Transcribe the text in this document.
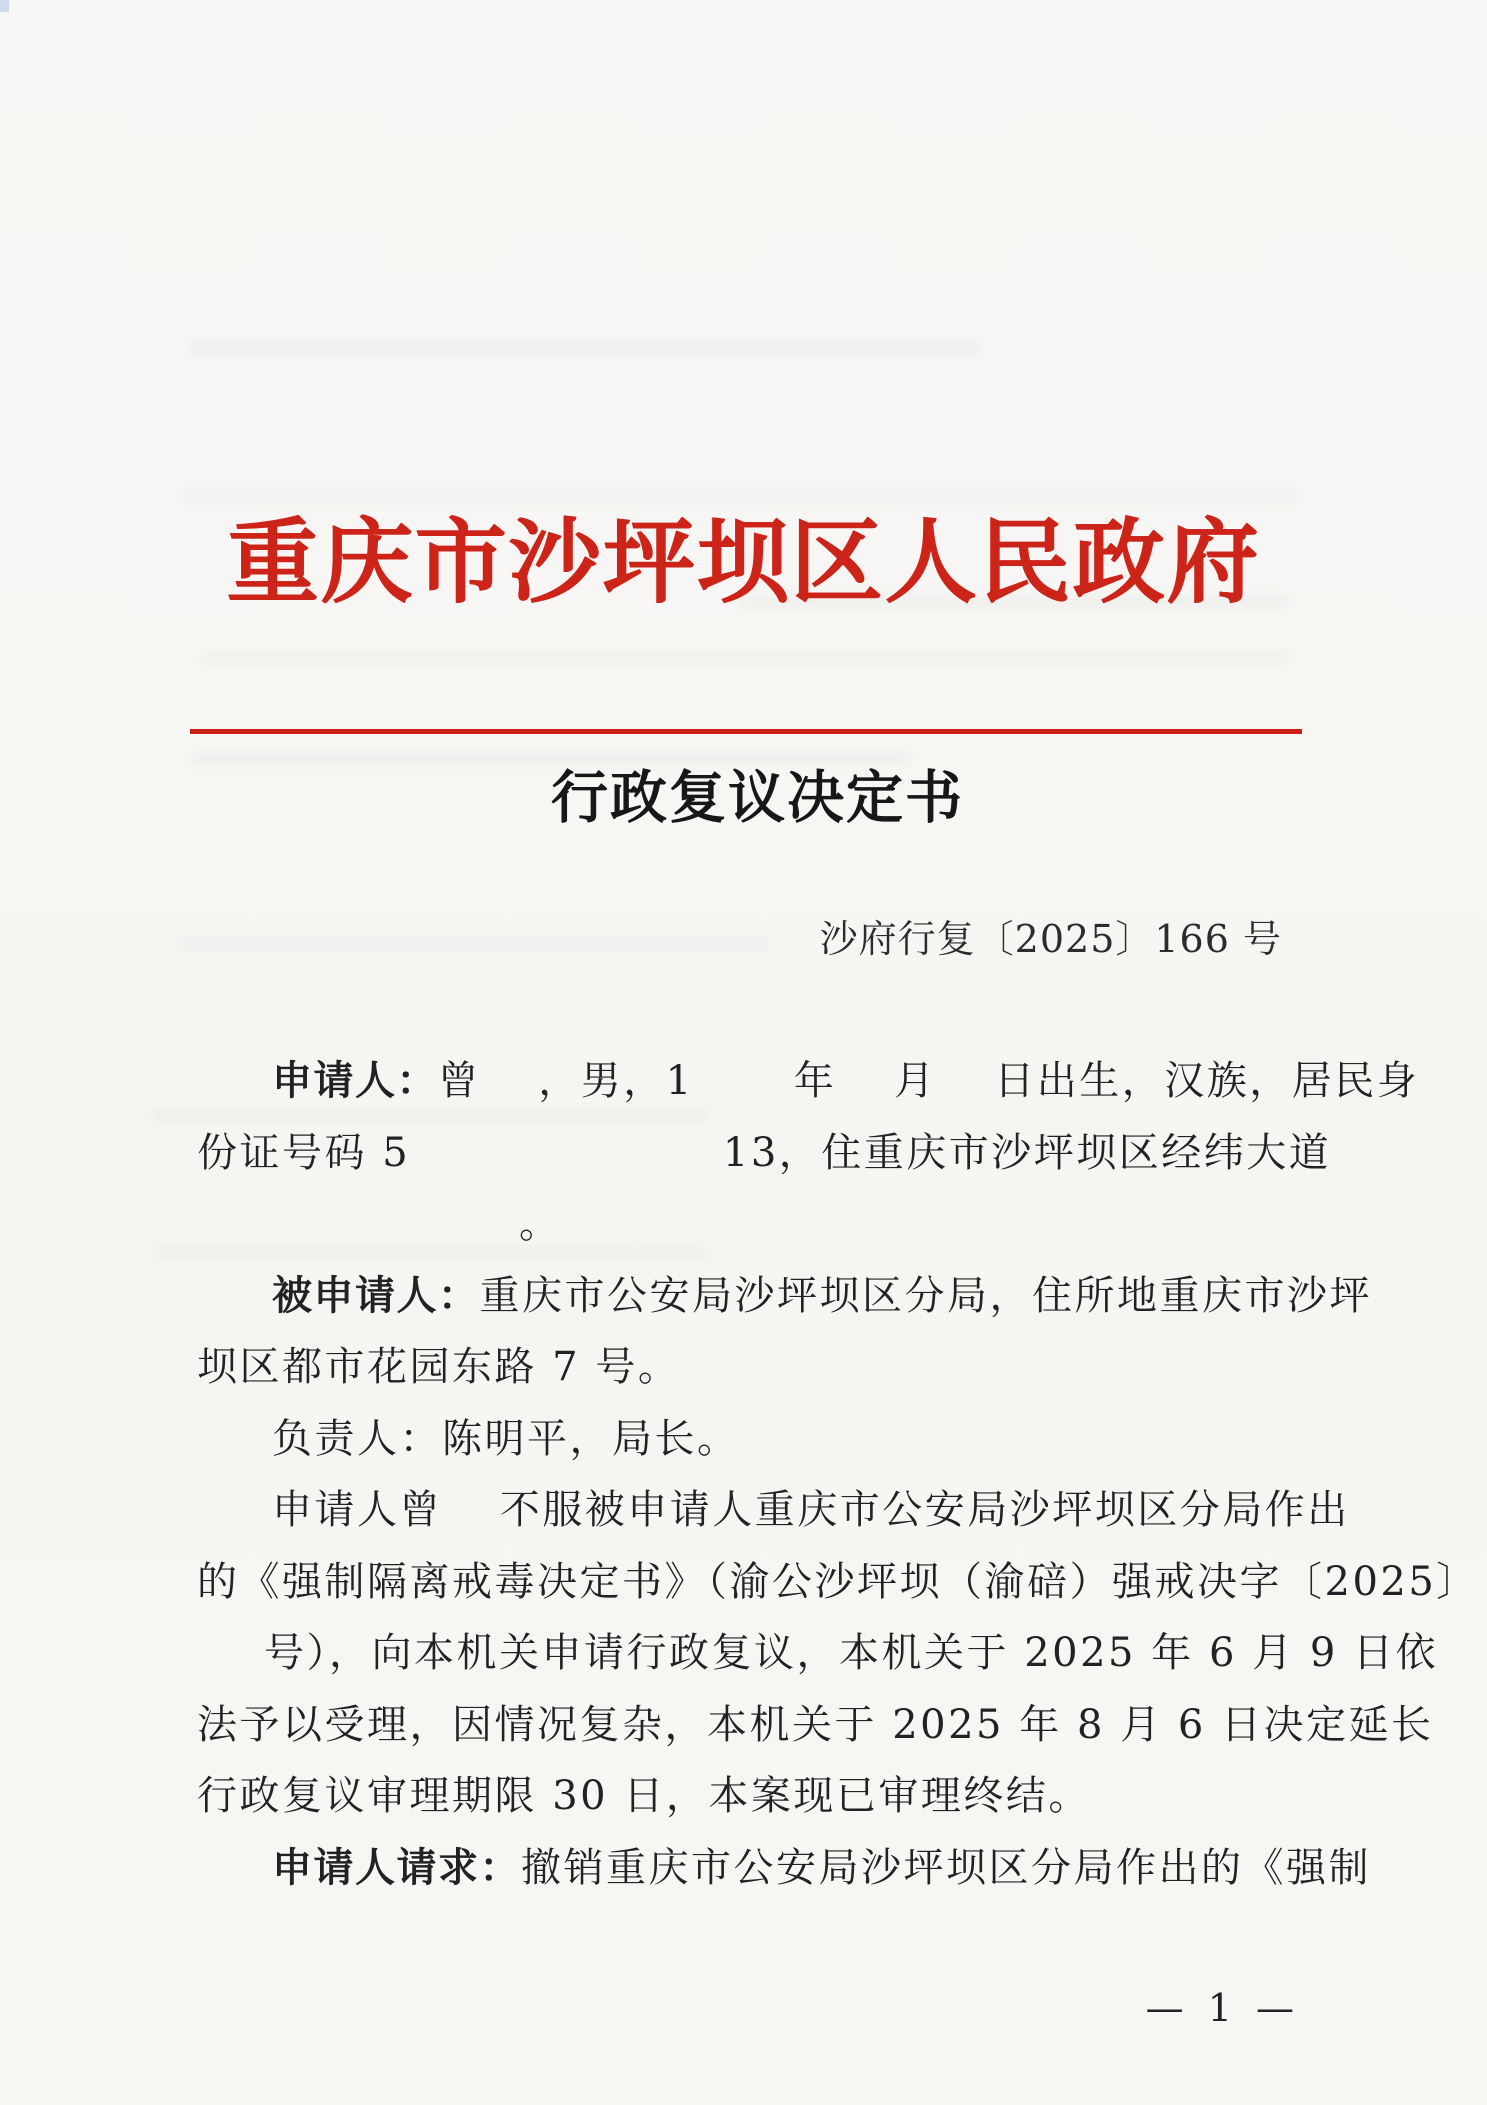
重庆市沙坪坝区人民政府
行政复议决定书
沙府行复〔2025〕166 号
申请人：曾　 ，男，1　　 年　 月　 日出生，汉族，居民身
份证号码 5　　　　　　　 13，住重庆市沙坪坝区经纬大道
。
被申请人：重庆市公安局沙坪坝区分局，住所地重庆市沙坪
坝区都市花园东路 7 号。
负责人：陈明平，局长。
申请人曾　 不服被申请人重庆市公安局沙坪坝区分局作出
的《强制隔离戒毒决定书》（渝公沙坪坝（渝碚）强戒决字〔2025〕
号），向本机关申请行政复议，本机关于 2025 年 6 月 9 日依
法予以受理，因情况复杂，本机关于 2025 年 8 月 6 日决定延长
行政复议审理期限 30 日，本案现已审理终结。
申请人请求：撤销重庆市公安局沙坪坝区分局作出的《强制
— 1 —
